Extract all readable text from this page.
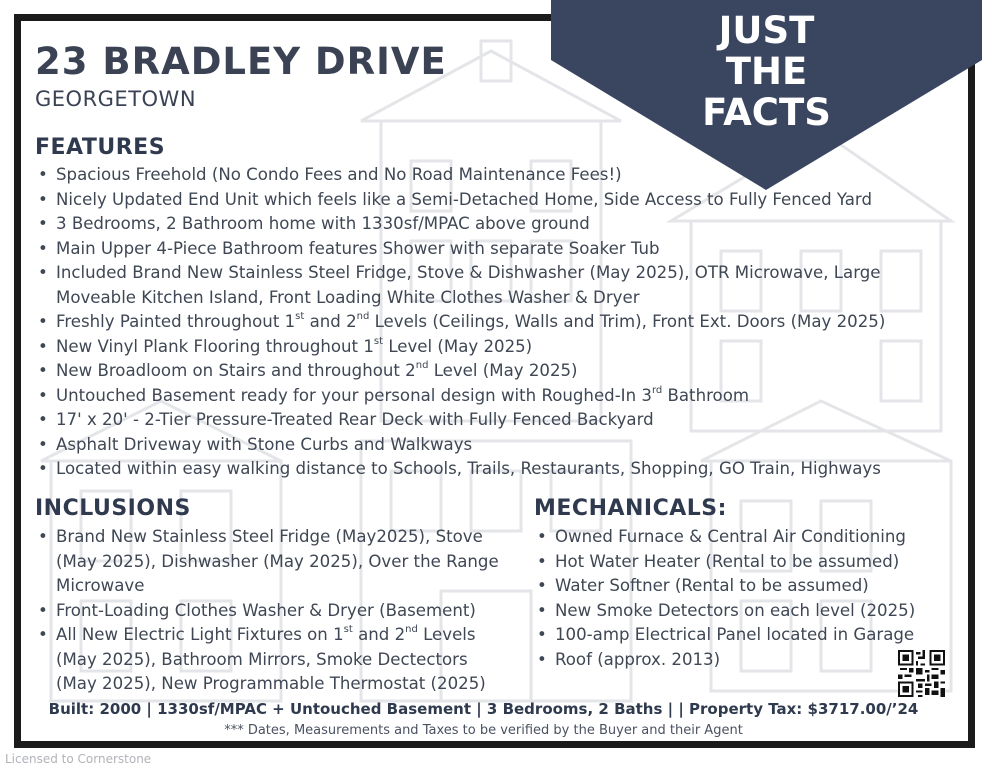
23 BRADLEY DRIVE
GEORGETOWN
JUST
THE
FACTS
FEATURES
• Spacious Freehold (No Condo Fees and No Road Maintenance Fees!)
• Nicely Updated End Unit which feels like a Semi-Detached Home, Side Access to Fully Fenced Yard
• 3 Bedrooms, 2 Bathroom home with 1330sf/MPAC above ground
• Main Upper 4-Piece Bathroom features Shower with separate Soaker Tub
• Included Brand New Stainless Steel Fridge, Stove & Dishwasher (May 2025), OTR Microwave, Large
Moveable Kitchen Island, Front Loading White Clothes Washer & Dryer
• Freshly Painted throughout 1st and 2nd Levels (Ceilings, Walls and Trim), Front Ext. Doors (May 2025)
• New Vinyl Plank Flooring throughout 1st Level (May 2025)
• New Broadloom on Stairs and throughout 2nd Level (May 2025)
• Untouched Basement ready for your personal design with Roughed-In 3rd Bathroom
• 17' x 20' - 2-Tier Pressure-Treated Rear Deck with Fully Fenced Backyard
• Asphalt Driveway with Stone Curbs and Walkways
• Located within easy walking distance to Schools, Trails, Restaurants, Shopping, GO Train, Highways
INCLUSIONS
• Brand New Stainless Steel Fridge (May2025), Stove
(May 2025), Dishwasher (May 2025), Over the Range
Microwave
• Front-Loading Clothes Washer & Dryer (Basement)
• All New Electric Light Fixtures on 1st and 2nd Levels
(May 2025), Bathroom Mirrors, Smoke Dectectors
(May 2025), New Programmable Thermostat (2025)
MECHANICALS:
• Owned Furnace & Central Air Conditioning
• Hot Water Heater (Rental to be assumed)
• Water Softner (Rental to be assumed)
• New Smoke Detectors on each level (2025)
• 100-amp Electrical Panel located in Garage
• Roof (approx. 2013)
Built: 2000 | 1330sf/MPAC + Untouched Basement | 3 Bedrooms, 2 Baths | | Property Tax: $3717.00/’24
*** Dates, Measurements and Taxes to be verified by the Buyer and their Agent
Licensed to Cornerstone
